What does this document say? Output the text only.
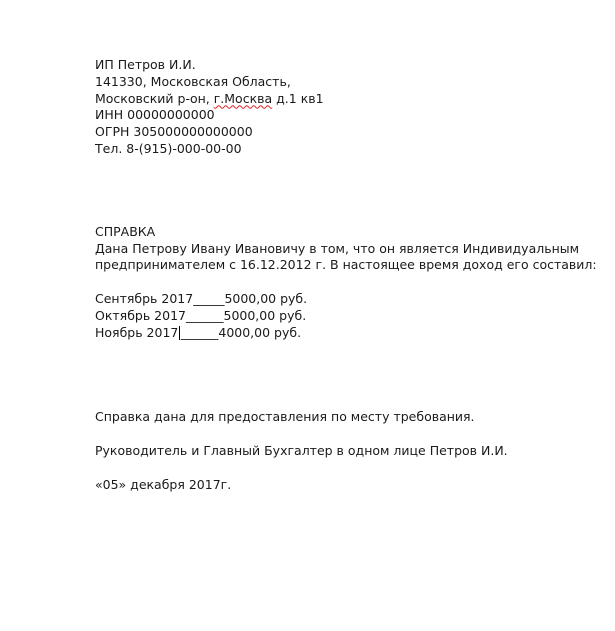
ИП Петров И.И.
141330, Московская Область,
Московский р-он, г.Москва д.1 кв1
ИНН 00000000000
ОГРН 305000000000000
Тел. 8-(915)-000-00-00
СПРАВКА
Дана Петрову Ивану Ивановичу в том, что он является Индивидуальным
предпринимателем с 16.12.2012 г. В настоящее время доход его составил:
Сентябрь 2017_____5000,00 руб.
Октябрь 2017______5000,00 руб.
Ноябрь 2017 ______4000,00 руб.
Справка дана для предоставления по месту требования.
Руководитель и Главный Бухгалтер в одном лице Петров И.И.
«05» декабря 2017г.
